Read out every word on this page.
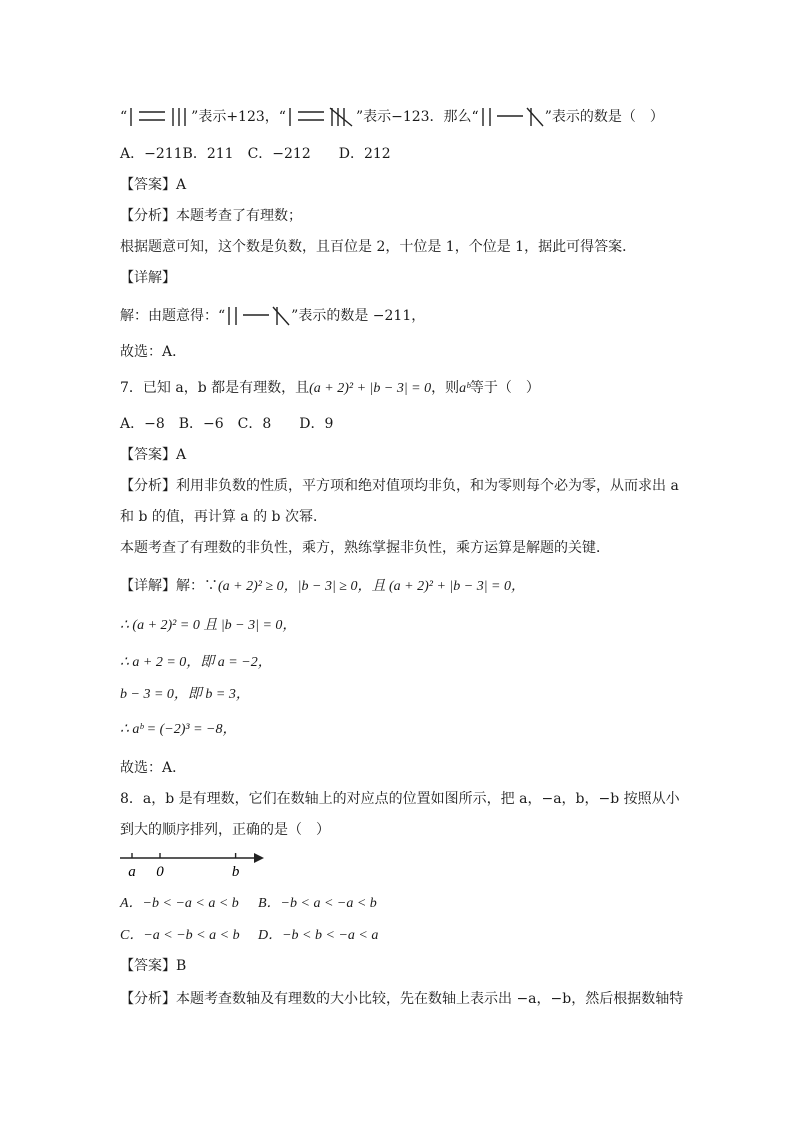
“	”表示+123，“	”表示−123．那么“	”表示的数是（　）
A．−211B．211　C．−212　　D．212
【答案】A
【分析】本题考查了有理数；
根据题意可知，这个数是负数，且百位是 2，十位是 1，个位是 1，据此可得答案．
【详解】
解：由题意得：“	”表示的数是 −211，
故选：A．
7．已知 a，b 都是有理数，且(a + 2)² + |b − 3| = 0，则aᵇ等于（　）
A．−8　B．−6　C．8　　D．9
【答案】A
【分析】利用非负数的性质，平方项和绝对值项均非负，和为零则每个必为零，从而求出 a
和 b 的值，再计算 a 的 b 次幂．
本题考查了有理数的非负性，乘方，熟练掌握非负性，乘方运算是解题的关键．
【详解】解：∵(a + 2)² ≥ 0，|b − 3| ≥ 0，且 (a + 2)² + |b − 3| = 0，
∴ (a + 2)² = 0 且 |b − 3| = 0，
∴ a + 2 = 0，即 a = −2，
b − 3 = 0，即 b = 3，
∴ aᵇ = (−2)³ = −8，
故选：A．
8．a，b 是有理数，它们在数轴上的对应点的位置如图所示，把 a，−a，b，−b 按照从小
到大的顺序排列，正确的是（　）
a 0	b
A．−b < −a < a < b B．−b < a < −a < b
C．−a < −b < a < b D．−b < b < −a < a
【答案】B
【分析】本题考查数轴及有理数的大小比较，先在数轴上表示出 −a，−b，然后根据数轴特
